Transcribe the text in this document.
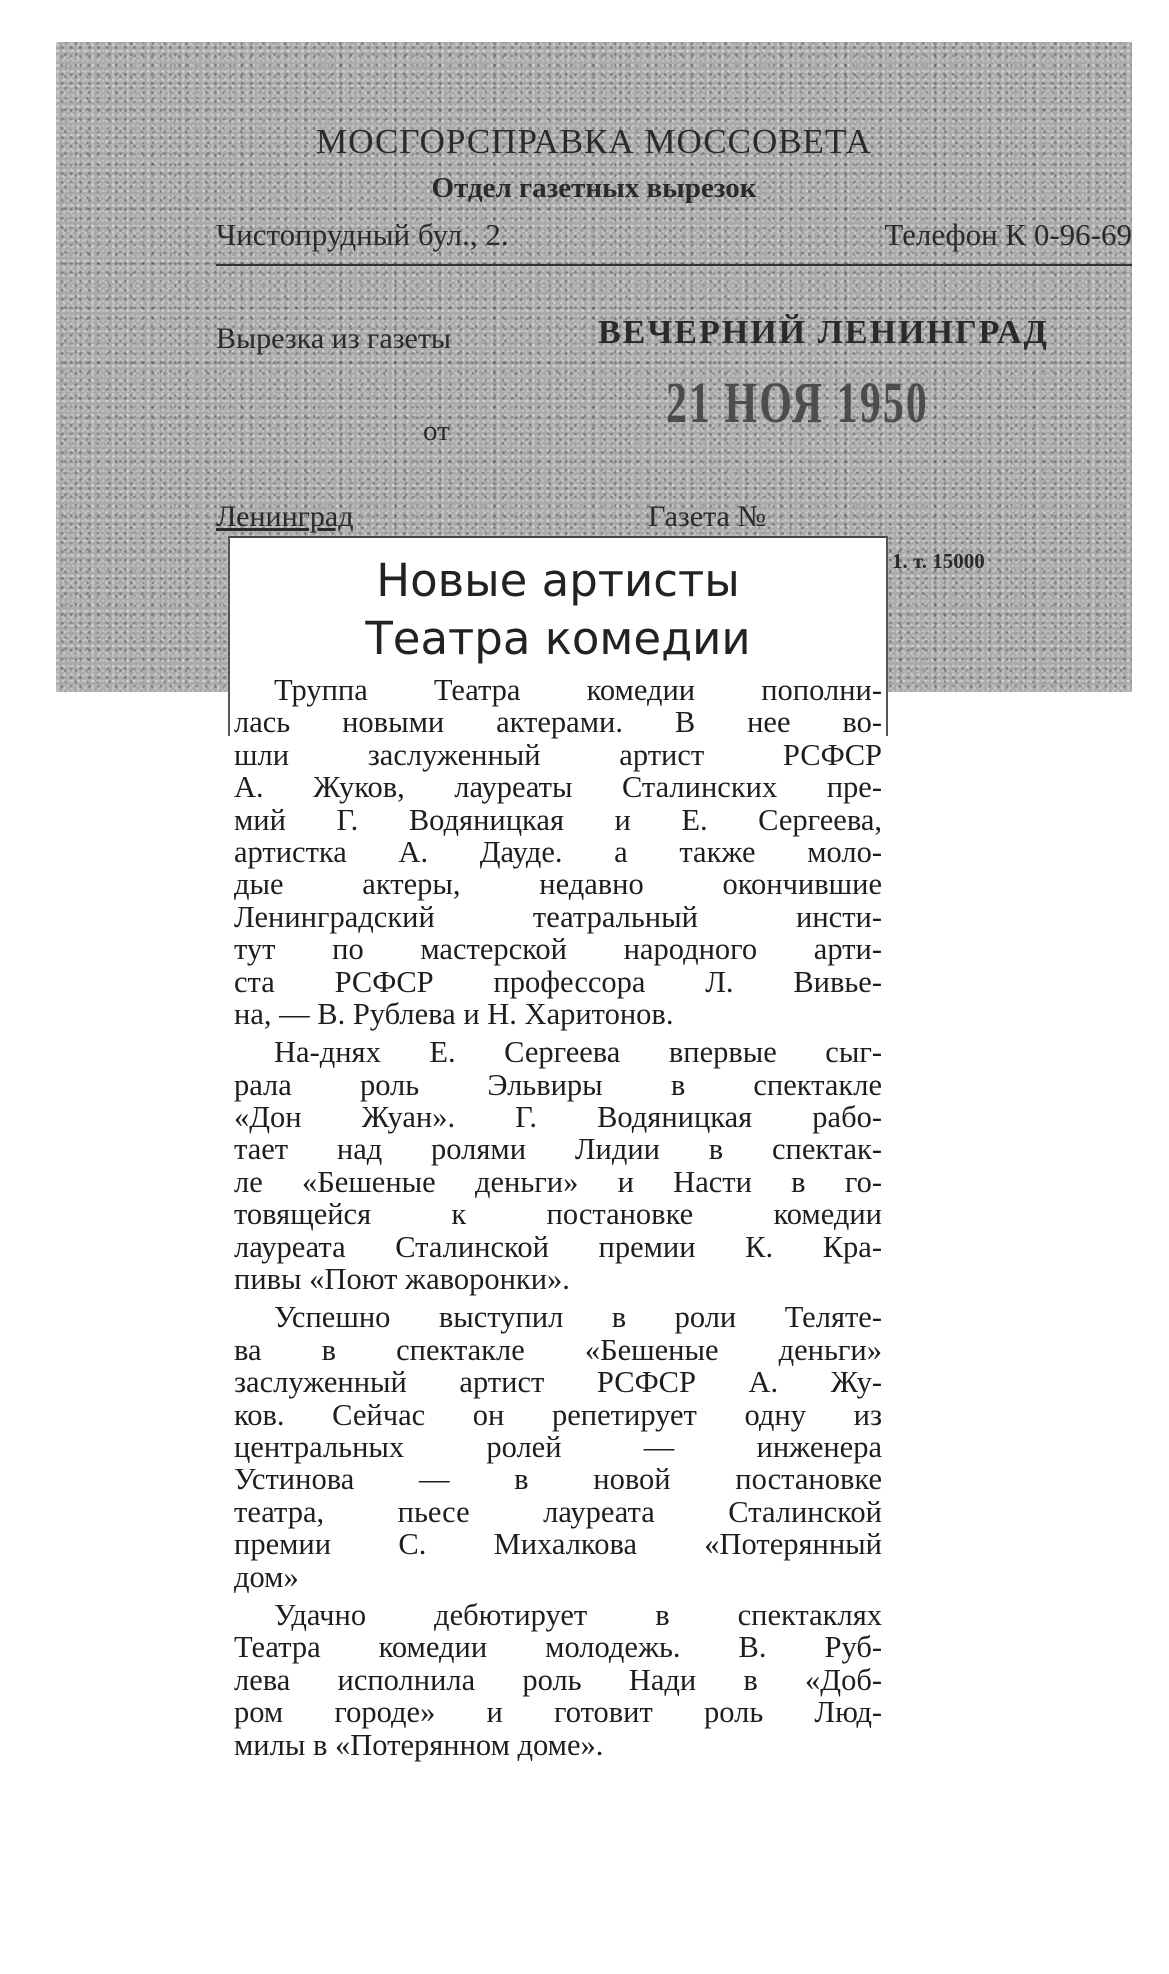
МОСГОРСПРАВКА МОССОВЕТА
Отдел газетных вырезок
Чистопрудный бул., 2.	Телефон К 0-96-69
Вырезка из газеты	ВЕЧЕРНИЙ ЛЕНИНГРАД
от	21 НОЯ 1950
Ленинград	Газета №
1. т. 15000
Новые артисты
Театра комедии
Труппа Театра комедии пополни-
лась новыми актерами. В нее во-
шли заслуженный артист РСФСР
А. Жуков, лауреаты Сталинских пре-
мий Г. Водяницкая и Е. Сергеева,
артистка А. Дауде. а также моло-
дые актеры, недавно окончившие
Ленинградский театральный инсти-
тут по мастерской народного арти-
ста РСФСР профессора Л. Вивье-
на, — В. Рублева и Н. Харитонов.
На-днях Е. Сергеева впервые сыг-
рала роль Эльвиры в спектакле
«Дон Жуан». Г. Водяницкая рабо-
тает над ролями Лидии в спектак-
ле «Бешеные деньги» и Насти в го-
товящейся к постановке комедии
лауреата Сталинской премии К. Кра-
пивы «Поют жаворонки».
Успешно выступил в роли Теляте-
ва в спектакле «Бешеные деньги»
заслуженный артист РСФСР А. Жу-
ков. Сейчас он репетирует одну из
центральных ролей — инженера
Устинова — в новой постановке
театра, пьесе лауреата Сталинской
премии С. Михалкова «Потерянный
дом»
Удачно дебютирует в спектаклях
Театра комедии молодежь. В. Руб-
лева исполнила роль Нади в «Доб-
ром городе» и готовит роль Люд-
милы в «Потерянном доме».
